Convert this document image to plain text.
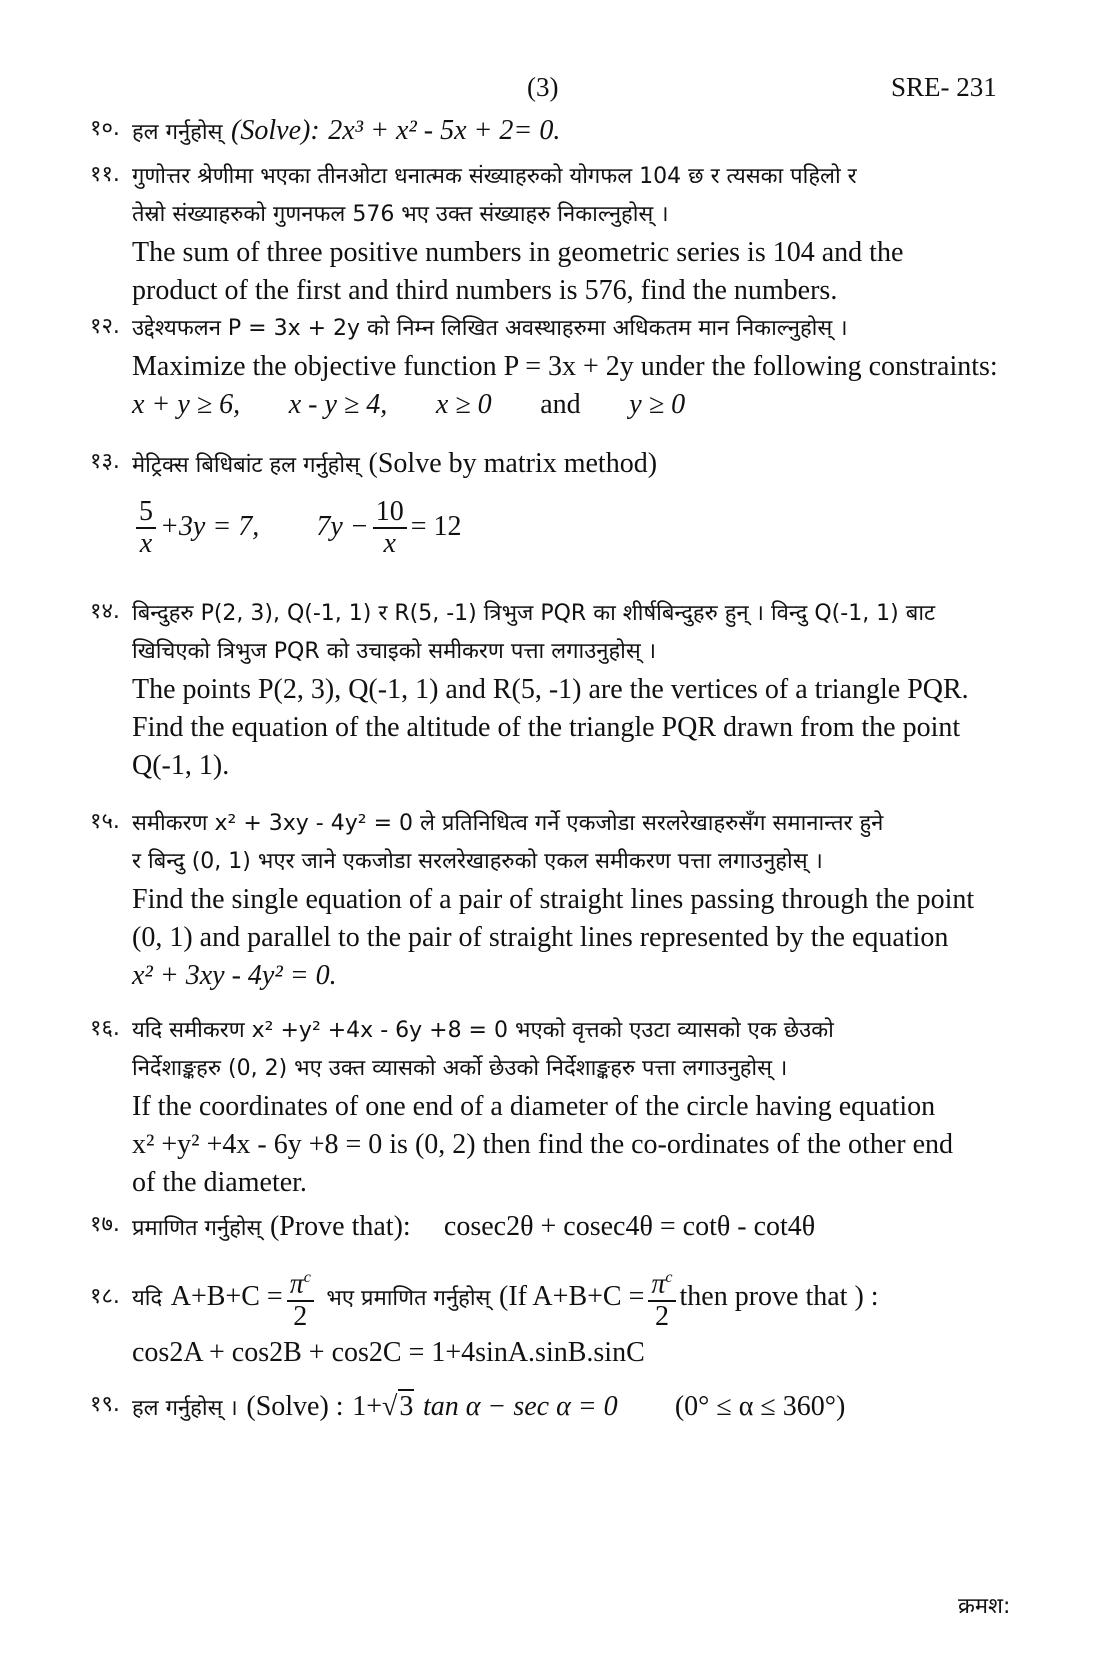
(3)	SRE- 231
१०. हल गर्नुहोस् (Solve): 2x³ + x² - 5x + 2= 0.
११. गुणोत्तर श्रेणीमा भएका तीनओटा धनात्मक संख्याहरुको योगफल 104 छ र त्यसका पहिलो र
तेस्रो संख्याहरुको गुणनफल 576 भए उक्त संख्याहरु निकाल्नुहोस् ।
The sum of three positive numbers in geometric series is 104 and the
product of the first and third numbers is 576, find the numbers.
१२. उद्देश्यफलन P = 3x + 2y को निम्न लिखित अवस्थाहरुमा अधिकतम मान निकाल्नुहोस् ।
Maximize the objective function P = 3x + 2y under the following constraints:
x + y ≥ 6, x - y ≥ 4, x ≥ 0 and y ≥ 0
१३. मेट्रिक्स बिधिबांट हल गर्नुहोस् (Solve by matrix method)
$\frac{5}{x} +3y = 7$, $7y - \frac{10}{x} = 12$
१४. बिन्दुहरु P(2, 3), Q(-1, 1) र R(5, -1) त्रिभुज PQR का शीर्षबिन्दुहरु हुन् । विन्दु Q(-1, 1) बाट
खिचिएको त्रिभुज PQR को उचाइको समीकरण पत्ता लगाउनुहोस् ।
The points P(2, 3), Q(-1, 1) and R(5, -1) are the vertices of a triangle PQR.
Find the equation of the altitude of the triangle PQR drawn from the point
Q(-1, 1).
१५. समीकरण x² + 3xy - 4y² = 0 ले प्रतिनिधित्व गर्ने एकजोडा सरलरेखाहरुसँग समानान्तर हुने
र बिन्दु (0, 1) भएर जाने एकजोडा सरलरेखाहरुको एकल समीकरण पत्ता लगाउनुहोस् ।
Find the single equation of a pair of straight lines passing through the point
(0, 1) and parallel to the pair of straight lines represented by the equation
x² + 3xy - 4y² = 0.
१६. यदि समीकरण x² +y² +4x - 6y +8 = 0 भएको वृत्तको एउटा व्यासको एक छेउको
निर्देशाङ्कहरु (0, 2) भए उक्त व्यासको अर्को छेउको निर्देशाङ्कहरु पत्ता लगाउनुहोस् ।
If the coordinates of one end of a diameter of the circle having equation
x² +y² +4x - 6y +8 = 0 is (0, 2) then find the co-ordinates of the other end
of the diameter.
१७. प्रमाणित गर्नुहोस् (Prove that): cosec2θ + cosec4θ = cotθ - cot4θ
१८. यदि $A+B+C = \frac{\pi^c}{2}$ भए प्रमाणित गर्नुहोस् (If $A+B+C = \frac{\pi^c}{2}$ then prove that ) :
cos2A + cos2B + cos2C = 1+4sinA.sinB.sinC
१९. हल गर्नुहोस् । (Solve) : 1+√3 tan α − sec α = 0 (0° ≤ α ≤ 360°)
क्रमश:
